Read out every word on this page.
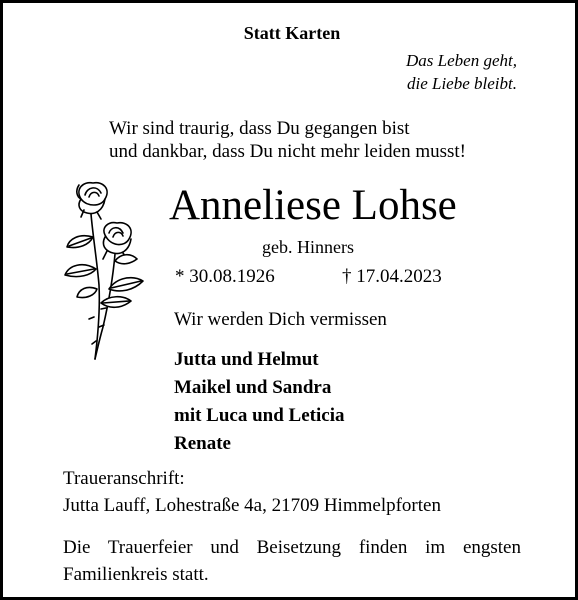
Statt Karten
Das Leben geht,
die Liebe bleibt.
Wir sind traurig, dass Du gegangen bist
und dankbar, dass Du nicht mehr leiden musst!
Anneliese Lohse
geb. Hinners
* 30.08.1926	† 17.04.2023
Wir werden Dich vermissen
Jutta und Helmut
Maikel und Sandra
mit Luca und Leticia
Renate
Traueranschrift:
Jutta Lauff, Lohestraße 4a, 21709 Himmelpforten
Die Trauerfeier und Beisetzung finden im engsten Familienkreis statt.
